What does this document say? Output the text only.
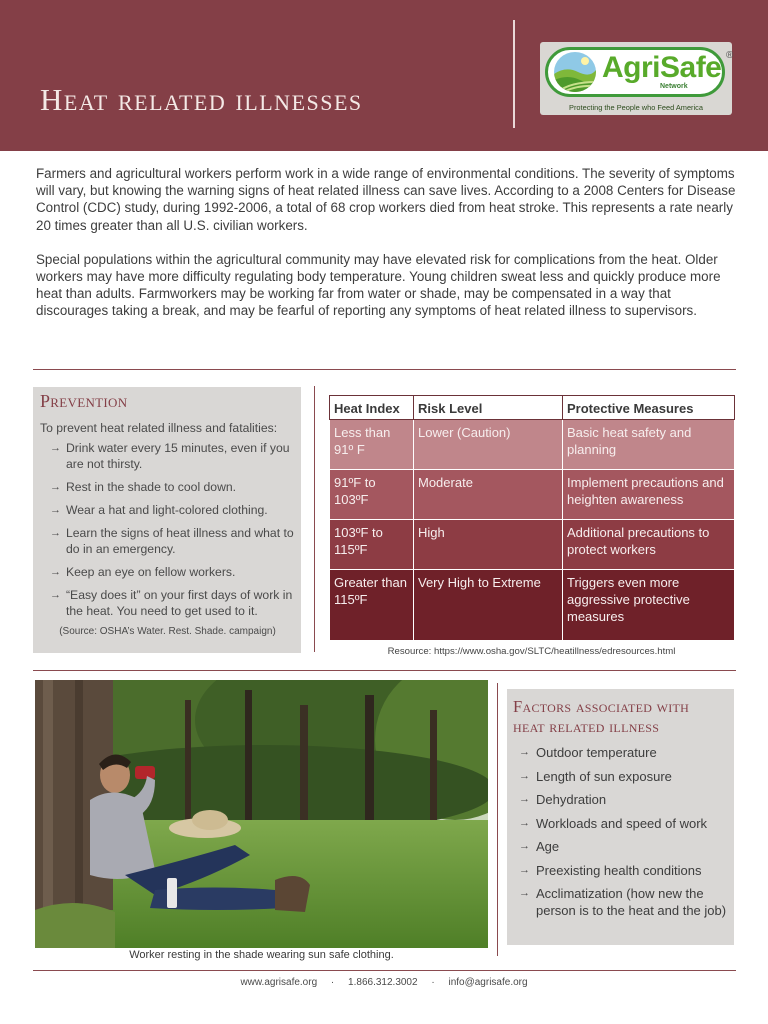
Heat related illnesses
AgriSafe
Network
®
Protecting the People who Feed America

Farmers and agricultural workers perform work in a wide range of environmental conditions. The severity of symptoms will vary, but knowing the warning signs of heat related illness can save lives. According to a 2008 Centers for Disease Control (CDC) study, during 1992-2006, a total of 68 crop workers died from heat stroke. This represents a rate nearly 20 times greater than all U.S. civilian workers.

Special populations within the agricultural community may have elevated risk for complications from the heat. Older workers may have more difficulty regulating body temperature. Young children sweat less and quickly produce more heat than adults. Farmworkers may be working far from water or shade, may be compensated in a way that discourages taking a break, and may be fearful of reporting any symptoms of heat related illness to supervisors.

Prevention
To prevent heat related illness and fatalities:
→ Drink water every 15 minutes, even if you are not thirsty.
→ Rest in the shade to cool down.
→ Wear a hat and light-colored clothing.
→ Learn the signs of heat illness and what to do in an emergency.
→ Keep an eye on fellow workers.
→ “Easy does it” on your first days of work in the heat. You need to get used to it.
(Source: OSHA’s Water. Rest. Shade. campaign)
Heat Index	Risk Level	Protective Measures
Less than 91º F	Lower (Caution)	Basic heat safety and planning
91ºF to 103ºF	Moderate	Implement precautions and heighten awareness
103ºF to 115ºF	High	Additional precautions to protect workers
Greater than 115ºF	Very High to Extreme	Triggers even more aggressive protective measures
Resource: https://www.osha.gov/SLTC/heatillness/edresources.html
Worker resting in the shade wearing sun safe clothing.
Factors associated with
heat related illness
→ Outdoor temperature
→ Length of sun exposure
→ Dehydration
→ Workloads and speed of work
→ Age
→ Preexisting health conditions
→ Acclimatization (how new the person is to the heat and the job)
www.agrisafe.org · 1.866.312.3002 · info@agrisafe.org
